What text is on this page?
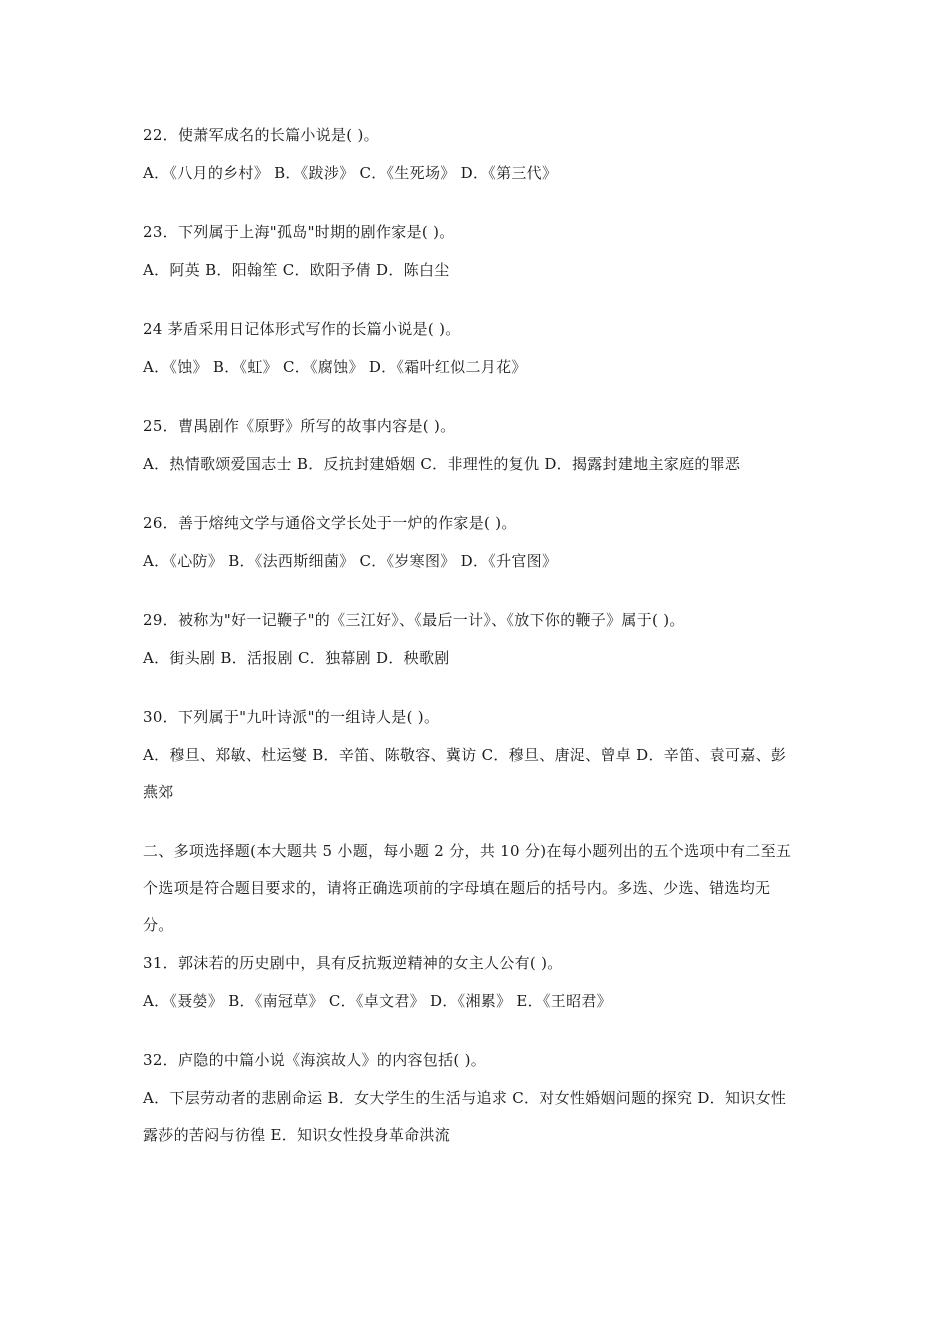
22．使萧军成名的长篇小说是( )。
A．《八月的乡村》 B．《跋涉》 C．《生死场》 D．《第三代》
23．下列属于上海"孤岛"时期的剧作家是( )。
A．阿英 B．阳翰笙 C．欧阳予倩 D．陈白尘
24 茅盾采用日记体形式写作的长篇小说是( )。
A．《蚀》 B．《虹》 C．《腐蚀》 D．《霜叶红似二月花》
25．曹禺剧作《原野》所写的故事内容是( )。
A．热情歌颂爱国志士 B．反抗封建婚姻 C．非理性的复仇 D．揭露封建地主家庭的罪恶
26．善于熔纯文学与通俗文学长处于一炉的作家是( )。
A．《心防》 B．《法西斯细菌》 C．《岁寒图》 D．《升官图》
29．被称为"好一记鞭子"的《三江好》、《最后一计》、《放下你的鞭子》属于( )。
A．街头剧 B．活报剧 C．独幕剧 D．秧歌剧
30．下列属于"九叶诗派"的一组诗人是( )。
A．穆旦、郑敏、杜运燮 B．辛笛、陈敬容、冀访 C．穆旦、唐浞、曾卓 D．辛笛、袁可嘉、彭
燕郊
二、多项选择题(本大题共 5 小题，每小题 2 分，共 10 分)在每小题列出的五个选项中有二至五
个选项是符合题目要求的，请将正确选项前的字母填在题后的括号内。多选、少选、错选均无
分。
31．郭沫若的历史剧中，具有反抗叛逆精神的女主人公有( )。
A．《聂嫈》 B．《南冠草》 C．《卓文君》 D．《湘累》 E．《王昭君》
32．庐隐的中篇小说《海滨故人》的内容包括( )。
A．下层劳动者的悲剧命运 B．女大学生的生活与追求 C．对女性婚姻问题的探究 D．知识女性
露莎的苦闷与彷徨 E．知识女性投身革命洪流
